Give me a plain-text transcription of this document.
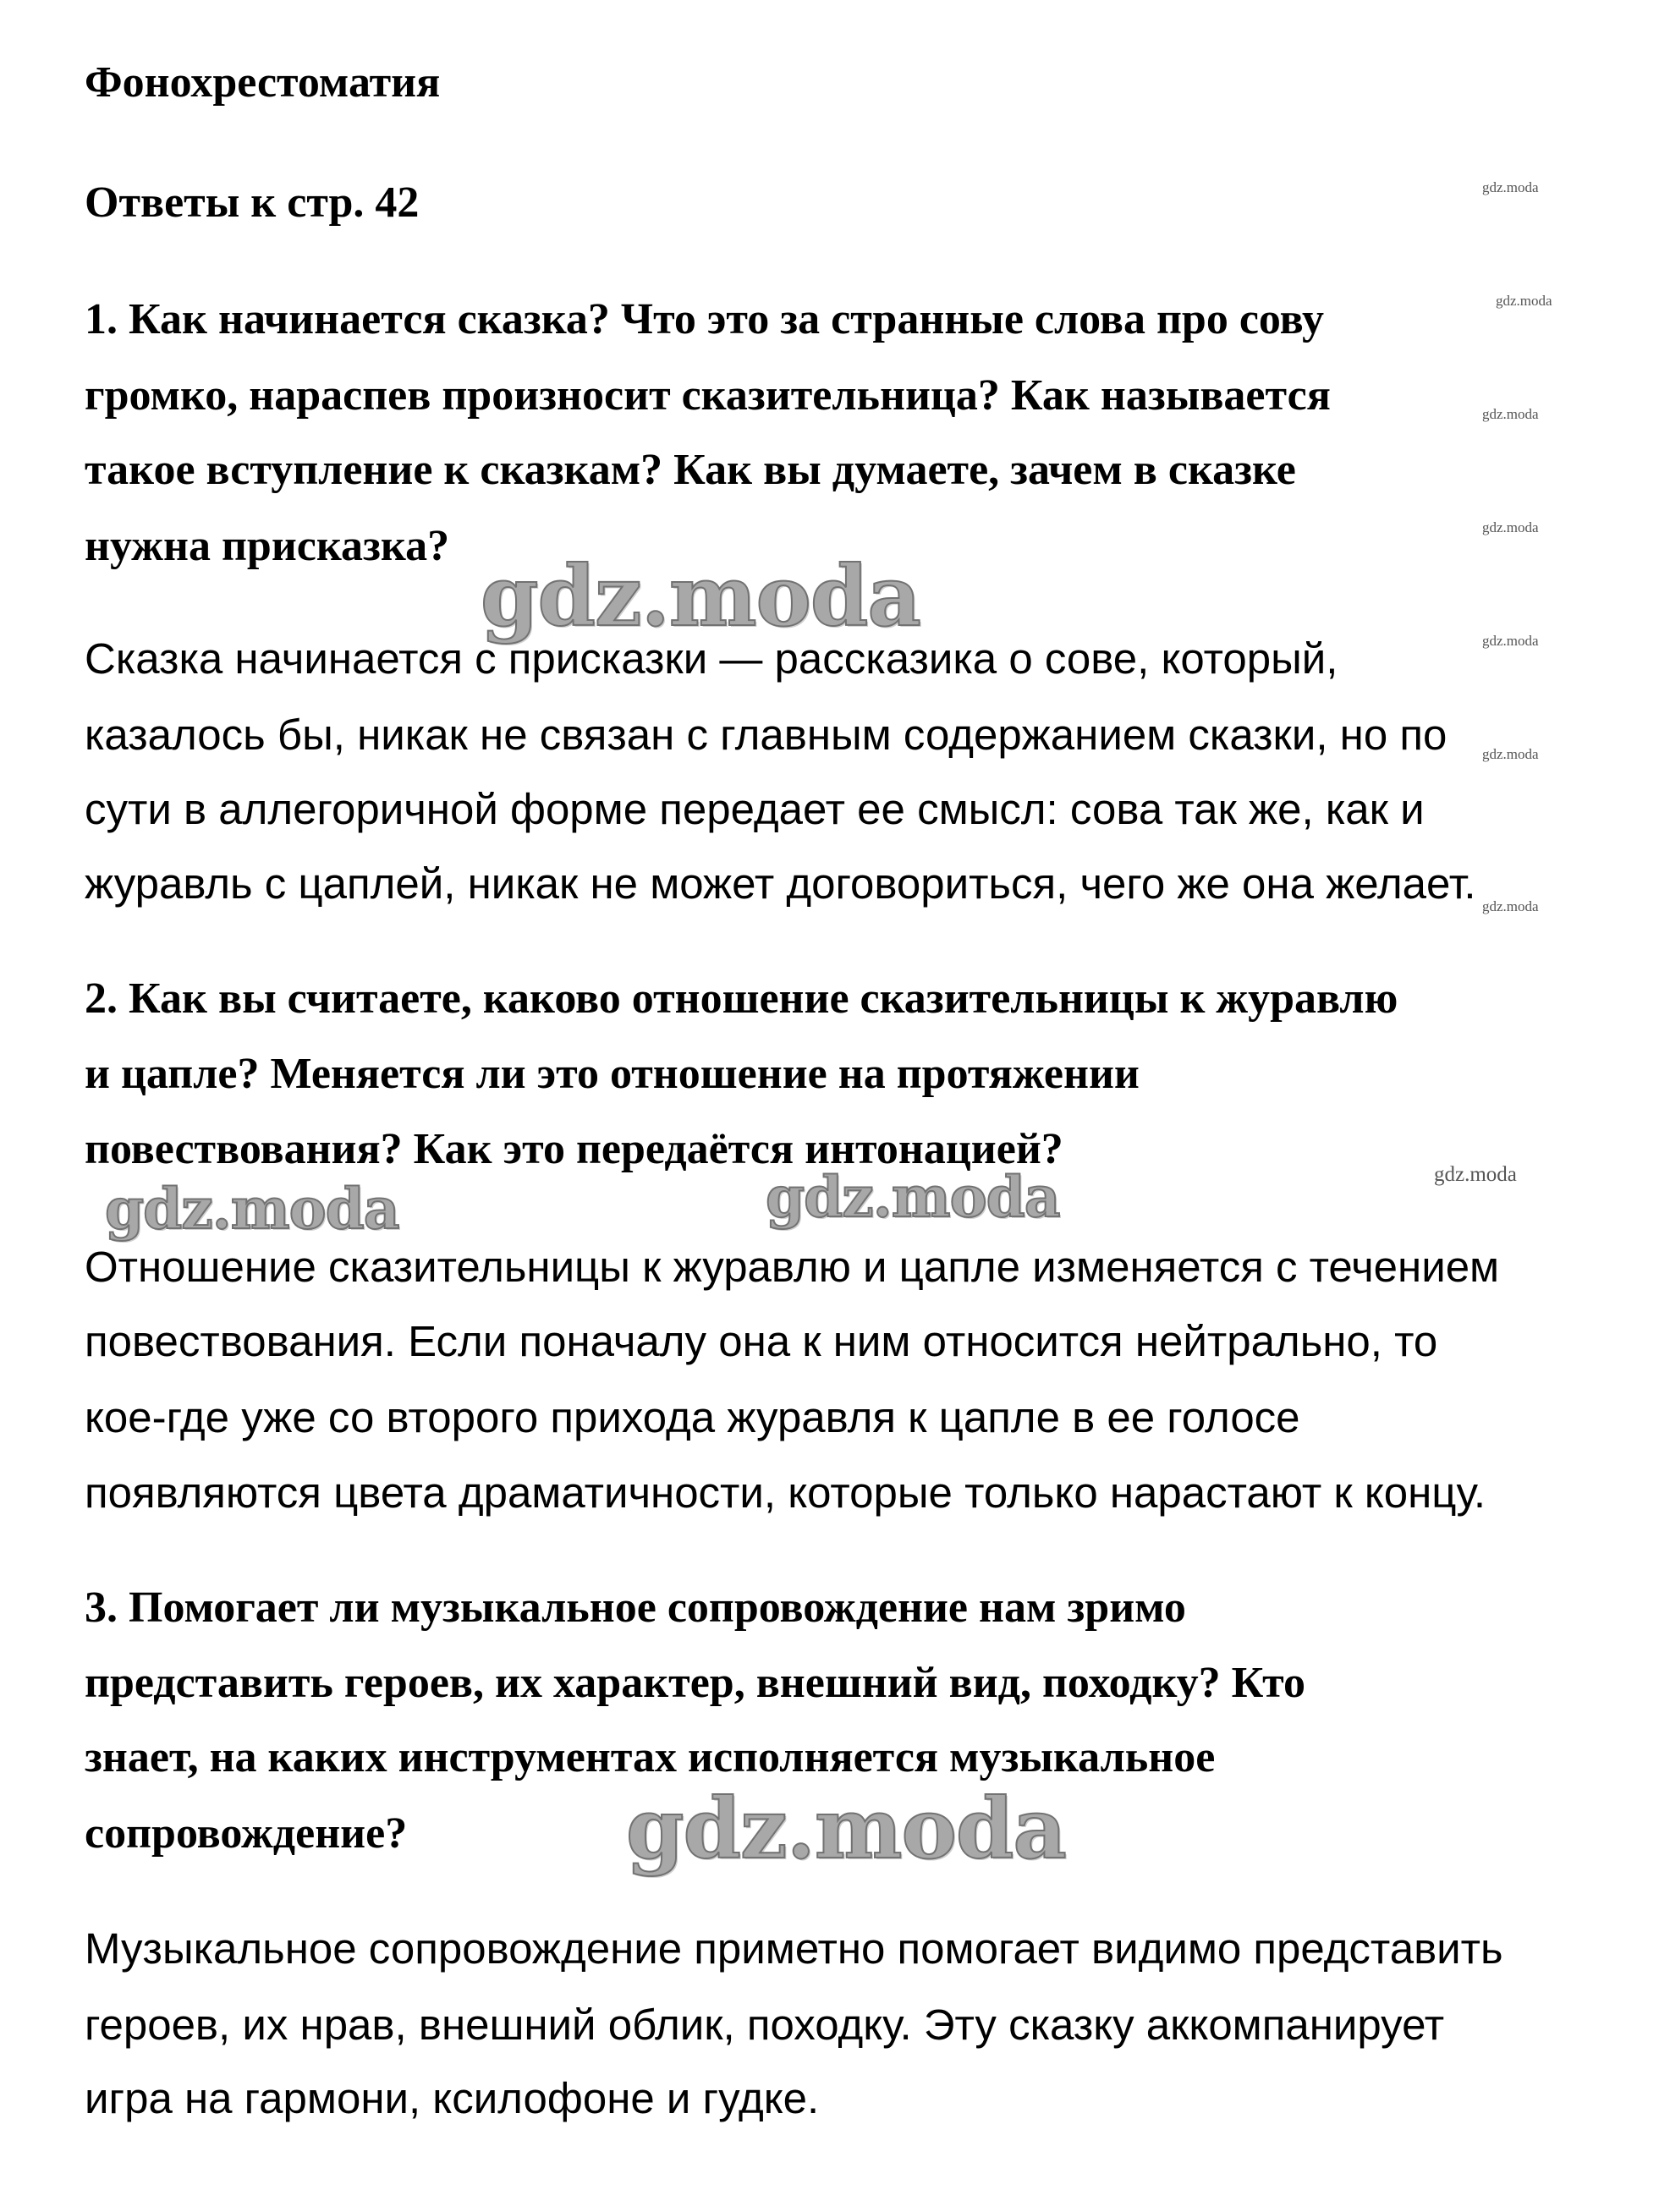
Фонохрестоматия
Ответы к стр. 42
1. Как начинается сказка? Что это за странные слова про сову
громко, нараспев произносит сказительница? Как называется
такое вступление к сказкам? Как вы думаете, зачем в сказке
нужна присказка?
Сказка начинается с присказки — рассказика о сове, который,
казалось бы, никак не связан с главным содержанием сказки, но по
сути в аллегоричной форме передает ее смысл: сова так же, как и
журавль с цаплей, никак не может договориться, чего же она желает.
2. Как вы считаете, каково отношение сказительницы к журавлю
и цапле? Меняется ли это отношение на протяжении
повествования? Как это передаётся интонацией?
Отношение сказительницы к журавлю и цапле изменяется с течением
повествования. Если поначалу она к ним относится нейтрально, то
кое-где уже со второго прихода журавля к цапле в ее голосе
появляются цвета драматичности, которые только нарастают к концу.
3. Помогает ли музыкальное сопровождение нам зримо
представить героев, их характер, внешний вид, походку? Кто
знает, на каких инструментах исполняется музыкальное
сопровождение?
Музыкальное сопровождение приметно помогает видимо представить
героев, их нрав, внешний облик, походку. Эту сказку аккомпанирует
игра на гармони, ксилофоне и гудке.
gdz.moda
gdz.moda
gdz.moda
gdz.moda
gdz.moda
gdz.moda
gdz.moda
gdz.moda
gdz.moda
gdz.moda	gdz.moda
gdz.moda
